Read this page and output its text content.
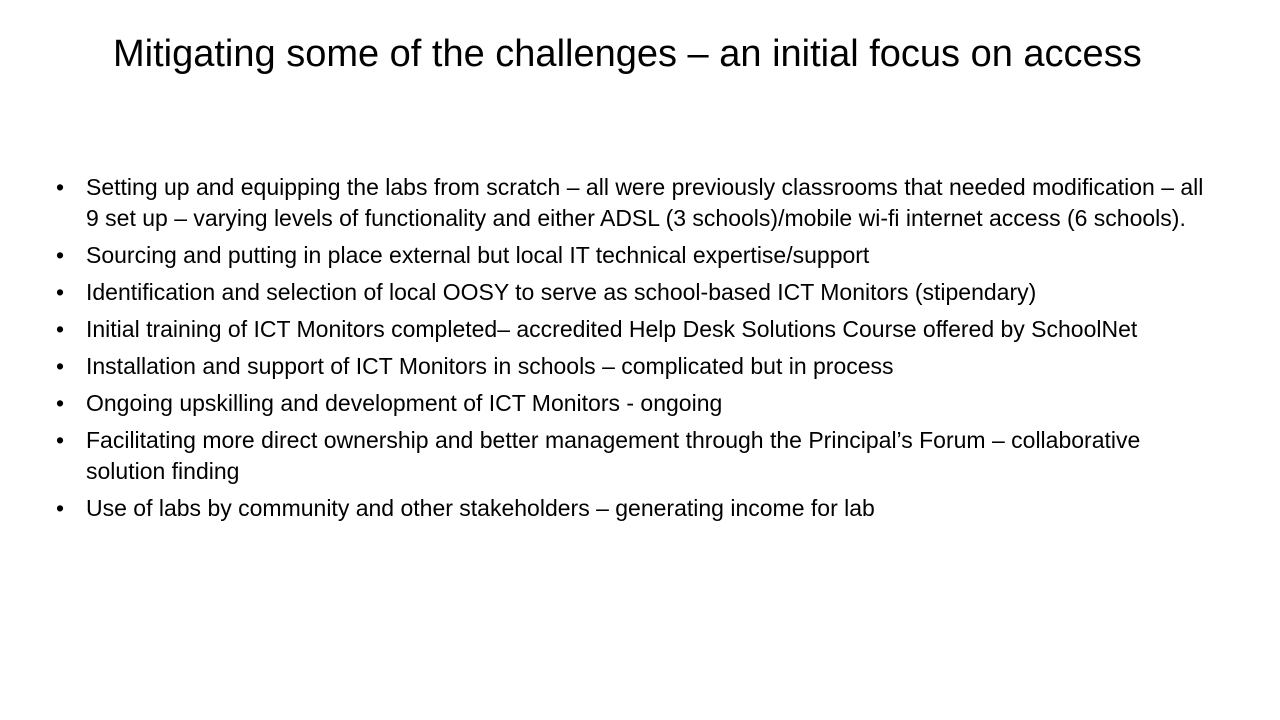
Mitigating some of the challenges – an initial focus on access
• Setting up and equipping the labs from scratch – all were previously classrooms that needed modification – all 9 set up – varying levels of functionality and either ADSL (3 schools)/mobile wi-fi internet access (6 schools).
• Sourcing and putting in place external but local IT technical expertise/support
• Identification and selection of local OOSY to serve as school-based ICT Monitors (stipendary)
• Initial training of ICT Monitors completed– accredited Help Desk Solutions Course offered by SchoolNet
• Installation and support of ICT Monitors in schools – complicated but in process
• Ongoing upskilling and development of ICT Monitors - ongoing
• Facilitating more direct ownership and better management through the Principal’s Forum – collaborative solution finding
• Use of labs by community and other stakeholders – generating income for lab
